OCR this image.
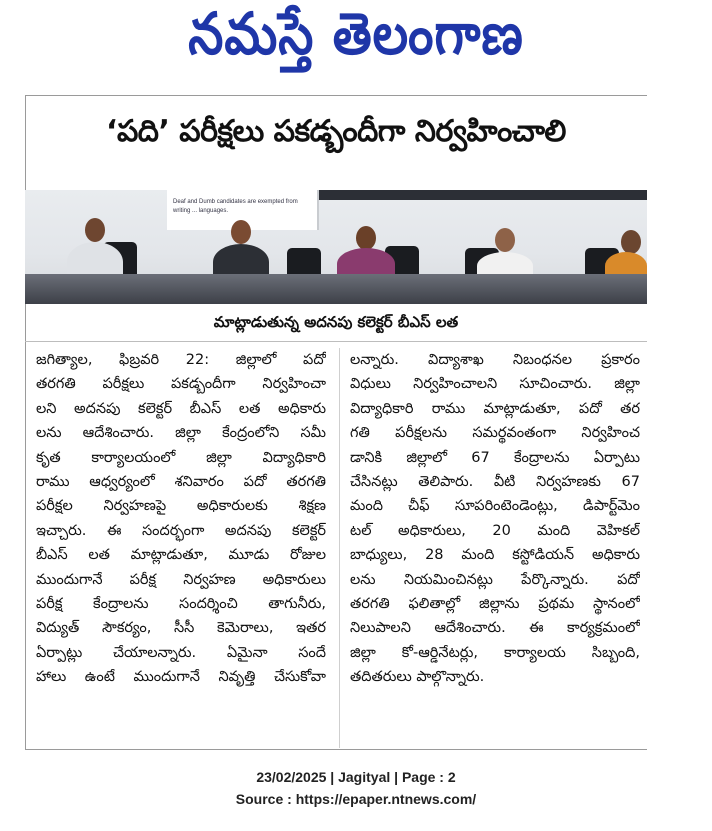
నమస్తే తెలంగాణ
‘పది’ పరీక్షలు పకడ్బందీగా నిర్వహించాలి
Deaf and Dumb candidates are exempted from writing ... languages.
మాట్లాడుతున్న అదనపు కలెక్టర్ బీఎస్ లత
జగిత్యాల, ఫిబ్రవరి 22: జిల్లాలో పదో
తరగతి పరీక్షలు పకడ్బందీగా నిర్వహించా
లని అదనపు కలెక్టర్ బీఎస్ లత అధికారు
లను ఆదేశించారు. జిల్లా కేంద్రంలోని సమీ
కృత కార్యాలయంలో జిల్లా విద్యాధికారి
రాము ఆధ్వర్యంలో శనివారం పదో తరగతి
పరీక్షల నిర్వహణపై అధికారులకు శిక్షణ
ఇచ్చారు. ఈ సందర్భంగా అదనపు కలెక్టర్
బీఎస్ లత మాట్లాడుతూ, మూడు రోజుల
ముందుగానే పరీక్ష నిర్వహణ అధికారులు
పరీక్ష కేంద్రాలను సందర్శించి తాగునీరు,
విద్యుత్ సౌకర్యం, సీసీ కెమెరాలు, ఇతర
ఏర్పాట్లు చేయాలన్నారు. ఏమైనా సందే
హాలు ఉంటే ముందుగానే నివృత్తి చేసుకోవా
లన్నారు. విద్యాశాఖ నిబంధనల ప్రకారం
విధులు నిర్వహించాలని సూచించారు. జిల్లా
విద్యాధికారి రాము మాట్లాడుతూ, పదో తర
గతి పరీక్షలను సమర్థవంతంగా నిర్వహించ
డానికి జిల్లాలో 67 కేంద్రాలను ఏర్పాటు
చేసినట్లు తెలిపారు. వీటి నిర్వహణకు 67
మంది చీఫ్ సూపరింటెండెంట్లు, డిపార్ట్‌మెం
టల్ అధికారులు, 20 మంది వెహికల్
బాధ్యులు, 28 మంది కస్టోడియన్ అధికారు
లను నియమించినట్లు పేర్కొన్నారు. పదో
తరగతి ఫలితాల్లో జిల్లాను ప్రథమ స్థానంలో
నిలుపాలని ఆదేశించారు. ఈ కార్యక్రమంలో
జిల్లా కో-ఆర్డినేటర్లు, కార్యాలయ సిబ్బంది,
తదితరులు పాల్గొన్నారు.
23/02/2025 | Jagityal | Page : 2
Source : https://epaper.ntnews.com/
